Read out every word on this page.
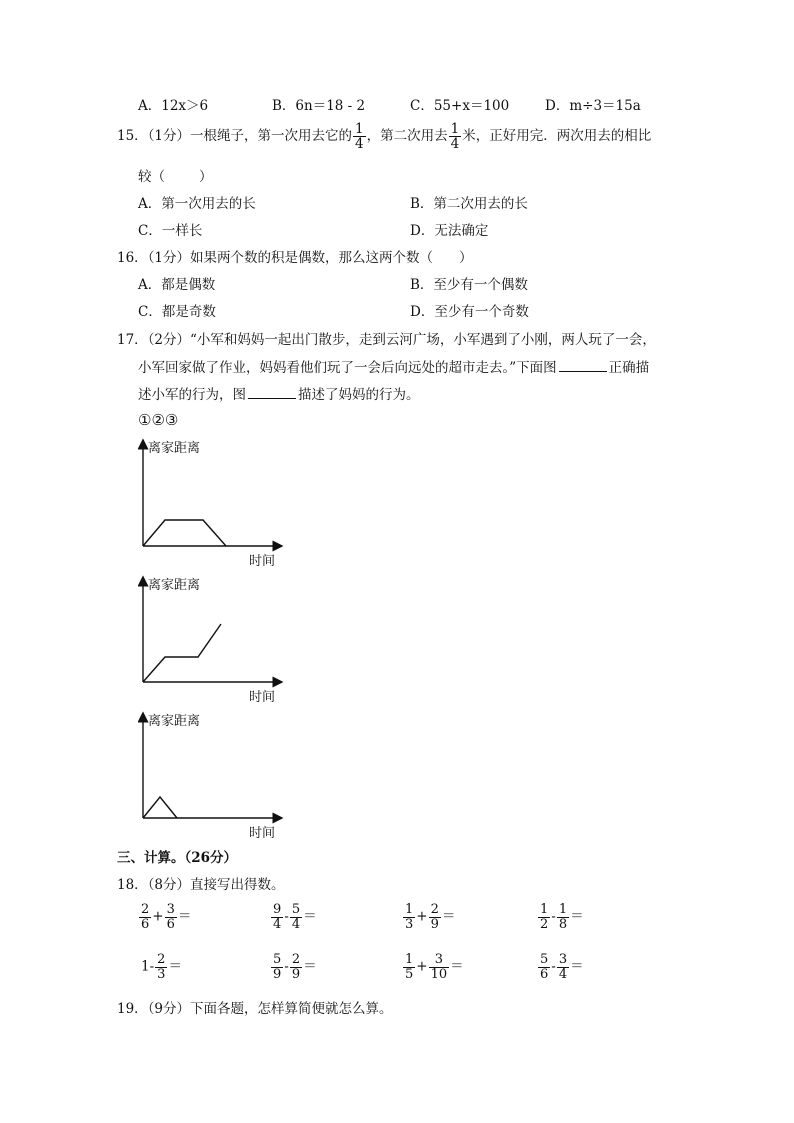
A．12x＞6	B．6n＝18 - 2	C．55+x＝100	D．m÷3＝15a
15．（1分）一根绳子，第一次用去它的 $\frac{1}{4}$ ，第二次用去 $\frac{1}{4}$ 米，正好用完．两次用去的相比
较（	）
A．第一次用去的长	B．第二次用去的长
C．一样长	D．无法确定
16．（1分）如果两个数的积是偶数，那么这两个数（ ）
A．都是偶数	B．至少有一个偶数
C．都是奇数	D．至少有一个奇数
17．（2分）“小军和妈妈一起出门散步，走到云河广场，小军遇到了小刚，两人玩了一会，
小军回家做了作业，妈妈看他们玩了一会后向远处的超市走去。”下面图	正确描
述小军的行为，图	描述了妈妈的行为。
①②③
离家距离
时间
离家距离
时间
离家距离
时间
三、计算。（26分）
18．（8分）直接写出得数。
$\frac{2}{6} + \frac{3}{6}$ ＝	$\frac{9}{4} - \frac{5}{4}$ ＝	$\frac{1}{3} + \frac{2}{9}$ ＝	$\frac{1}{2} - \frac{1}{8}$ ＝
$1- \frac{2}{3}$ ＝	$\frac{5}{9} - \frac{2}{9}$ ＝	$\frac{1}{5} + \frac{3}{10}$ ＝	$\frac{5}{6} - \frac{3}{4}$ ＝
19．（9分）下面各题，怎样算简便就怎么算。
